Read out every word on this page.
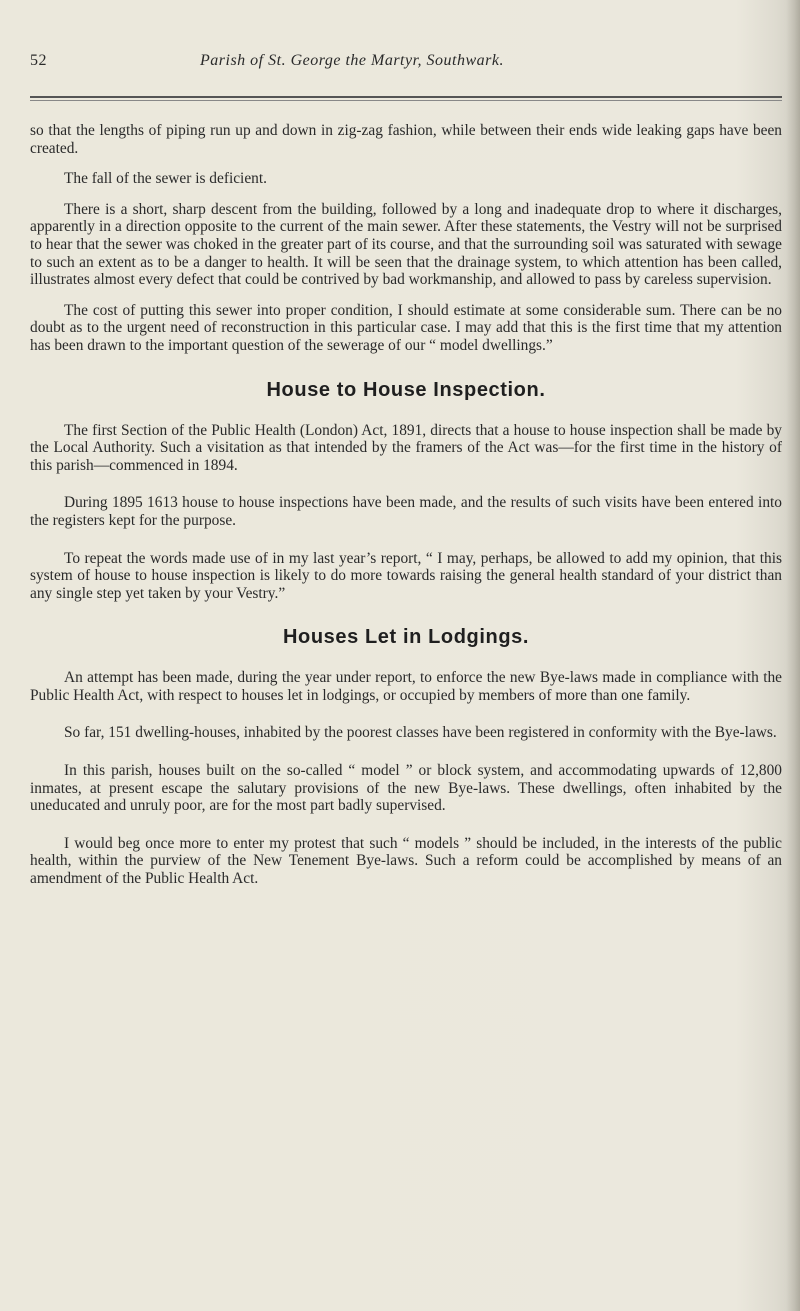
52	Parish of St. George the Martyr, Southwark.

so that the lengths of piping run up and down in zig-zag fashion, while between their ends wide leaking gaps have been created.

The fall of the sewer is deficient.

There is a short, sharp descent from the building, followed by a long and inadequate drop to where it discharges, apparently in a direction opposite to the current of the main sewer. After these statements, the Vestry will not be surprised to hear that the sewer was choked in the greater part of its course, and that the surrounding soil was saturated with sewage to such an extent as to be a danger to health. It will be seen that the drainage system, to which attention has been called, illustrates almost every defect that could be contrived by bad workmanship, and allowed to pass by careless supervision.

The cost of putting this sewer into proper condition, I should estimate at some considerable sum. There can be no doubt as to the urgent need of reconstruction in this particular case. I may add that this is the first time that my attention has been drawn to the important question of the sewerage of our “ model dwellings.”

House to House Inspection.

The first Section of the Public Health (London) Act, 1891, directs that a house to house inspection shall be made by the Local Authority. Such a visitation as that intended by the framers of the Act was—for the first time in the history of this parish—commenced in 1894.

During 1895 1613 house to house inspections have been made, and the results of such visits have been entered into the registers kept for the purpose.

To repeat the words made use of in my last year’s report, “ I may, perhaps, be allowed to add my opinion, that this system of house to house inspection is likely to do more towards raising the general health standard of your district than any single step yet taken by your Vestry.”

Houses Let in Lodgings.

An attempt has been made, during the year under report, to enforce the new Bye-laws made in compliance with the Public Health Act, with respect to houses let in lodgings, or occupied by members of more than one family.

So far, 151 dwelling-houses, inhabited by the poorest classes have been registered in conformity with the Bye-laws.

In this parish, houses built on the so-called “ model ” or block system, and accommodating upwards of 12,800 inmates, at present escape the salutary provisions of the new Bye-laws. These dwellings, often inhabited by the uneducated and unruly poor, are for the most part badly supervised.

I would beg once more to enter my protest that such “ models ” should be included, in the interests of the public health, within the purview of the New Tenement Bye-laws. Such a reform could be accomplished by means of an amendment of the Public Health Act.
